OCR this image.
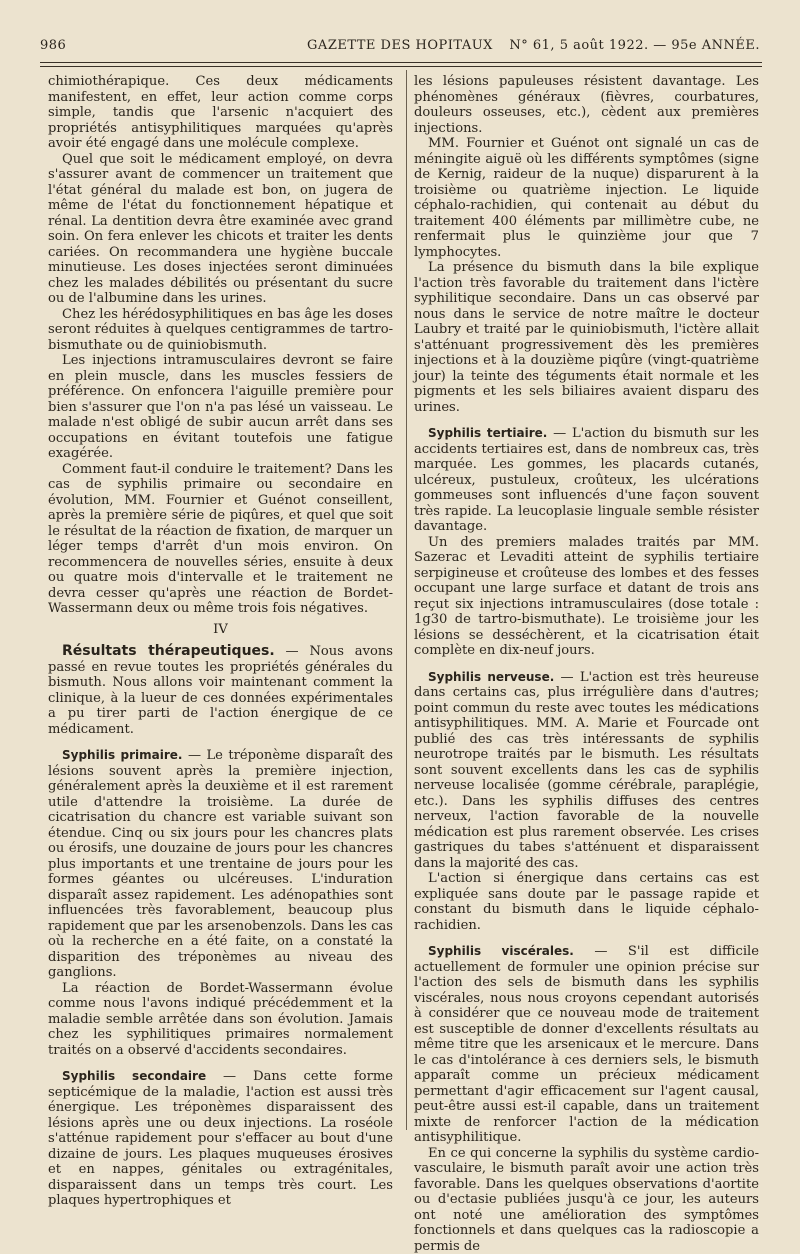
986	GAZETTE DES HOPITAUX	N° 61, 5 août 1922. — 95e ANNÉE.

chimiothérapique. Ces deux médicaments manifestent, en effet, leur action comme corps simple, tandis que l'arsenic n'acquiert des propriétés antisyphilitiques marquées qu'après avoir été engagé dans une molécule complexe.

Quel que soit le médicament employé, on devra s'assurer avant de commencer un traitement que l'état général du malade est bon, on jugera de même de l'état du fonctionnement hépatique et rénal. La dentition devra être examinée avec grand soin. On fera enlever les chicots et traiter les dents cariées. On recommandera une hygiène buccale minutieuse. Les doses injectées seront diminuées chez les malades débilités ou présentant du sucre ou de l'albumine dans les urines.

Chez les hérédosyphilitiques en bas âge les doses seront réduites à quelques centigrammes de tartro-bismuthate ou de quiniobismuth.

Les injections intramusculaires devront se faire en plein muscle, dans les muscles fessiers de préférence. On enfoncera l'aiguille première pour bien s'assurer que l'on n'a pas lésé un vaisseau. Le malade n'est obligé de subir aucun arrêt dans ses occupations en évitant toutefois une fatigue exagérée.

Comment faut-il conduire le traitement? Dans les cas de syphilis primaire ou secondaire en évolution, MM. Fournier et Guénot conseillent, après la première série de piqûres, et quel que soit le résultat de la réaction de fixation, de marquer un léger temps d'arrêt d'un mois environ. On recommencera de nouvelles séries, ensuite à deux ou quatre mois d'intervalle et le traitement ne devra cesser qu'après une réaction de Bordet-Wassermann deux ou même trois fois négatives.

IV

Résultats thérapeutiques. — Nous avons passé en revue toutes les propriétés générales du bismuth. Nous allons voir maintenant comment la clinique, à la lueur de ces données expérimentales a pu tirer parti de l'action énergique de ce médicament.

Syphilis primaire. — Le tréponème disparaît des lésions souvent après la première injection, généralement après la deuxième et il est rarement utile d'attendre la troisième. La durée de cicatrisation du chancre est variable suivant son étendue. Cinq ou six jours pour les chancres plats ou érosifs, une douzaine de jours pour les chancres plus importants et une trentaine de jours pour les formes géantes ou ulcéreuses. L'induration disparaît assez rapidement. Les adénopathies sont influencées très favorablement, beaucoup plus rapidement que par les arsenobenzols. Dans les cas où la recherche en a été faite, on a constaté la disparition des tréponèmes au niveau des ganglions.

La réaction de Bordet-Wassermann évolue comme nous l'avons indiqué précédemment et la maladie semble arrêtée dans son évolution. Jamais chez les syphilitiques primaires normalement traités on a observé d'accidents secondaires.

Syphilis secondaire — Dans cette forme septicémique de la maladie, l'action est aussi très énergique. Les tréponèmes disparaissent des lésions après une ou deux injections. La roséole s'atténue rapidement pour s'effacer au bout d'une dizaine de jours. Les plaques muqueuses érosives et en nappes, génitales ou extragénitales, disparaissent dans un temps très court. Les plaques hypertrophiques et

les lésions papuleuses résistent davantage. Les phénomènes généraux (fièvres, courbatures, douleurs osseuses, etc.), cèdent aux premières injections.

MM. Fournier et Guénot ont signalé un cas de méningite aiguë où les différents symptômes (signe de Kernig, raideur de la nuque) disparurent à la troisième ou quatrième injection. Le liquide céphalo-rachidien, qui contenait au début du traitement 400 éléments par millimètre cube, ne renfermait plus le quinzième jour que 7 lymphocytes.

La présence du bismuth dans la bile explique l'action très favorable du traitement dans l'ictère syphilitique secondaire. Dans un cas observé par nous dans le service de notre maître le docteur Laubry et traité par le quiniobismuth, l'ictère allait s'atténuant progressivement dès les premières injections et à la douzième piqûre (vingt-quatrième jour) la teinte des téguments était normale et les pigments et les sels biliaires avaient disparu des urines.

Syphilis tertiaire. — L'action du bismuth sur les accidents tertiaires est, dans de nombreux cas, très marquée. Les gommes, les placards cutanés, ulcéreux, pustuleux, croûteux, les ulcérations gommeuses sont influencés d'une façon souvent très rapide. La leucoplasie linguale semble résister davantage.

Un des premiers malades traités par MM. Sazerac et Levaditi atteint de syphilis tertiaire serpigineuse et croûteuse des lombes et des fesses occupant une large surface et datant de trois ans reçut six injections intramusculaires (dose totale : 1g30 de tartro-bismuthate). Le troisième jour les lésions se desséchèrent, et la cicatrisation était complète en dix-neuf jours.

Syphilis nerveuse. — L'action est très heureuse dans certains cas, plus irrégulière dans d'autres; point commun du reste avec toutes les médications antisyphilitiques. MM. A. Marie et Fourcade ont publié des cas très intéressants de syphilis neurotrope traités par le bismuth. Les résultats sont souvent excellents dans les cas de syphilis nerveuse localisée (gomme cérébrale, paraplégie, etc.). Dans les syphilis diffuses des centres nerveux, l'action favorable de la nouvelle médication est plus rarement observée. Les crises gastriques du tabes s'atténuent et disparaissent dans la majorité des cas.

L'action si énergique dans certains cas est expliquée sans doute par le passage rapide et constant du bismuth dans le liquide céphalo-rachidien.

Syphilis viscérales. — S'il est difficile actuellement de formuler une opinion précise sur l'action des sels de bismuth dans les syphilis viscérales, nous nous croyons cependant autorisés à considérer que ce nouveau mode de traitement est susceptible de donner d'excellents résultats au même titre que les arsenicaux et le mercure. Dans le cas d'intolérance à ces derniers sels, le bismuth apparaît comme un précieux médicament permettant d'agir efficacement sur l'agent causal, peut-être aussi est-il capable, dans un traitement mixte de renforcer l'action de la médication antisyphilitique.

En ce qui concerne la syphilis du système cardio-vasculaire, le bismuth paraît avoir une action très favorable. Dans les quelques observations d'aortite ou d'ectasie publiées jusqu'à ce jour, les auteurs ont noté une amélioration des symptômes fonctionnels et dans quelques cas la radioscopie a permis de
